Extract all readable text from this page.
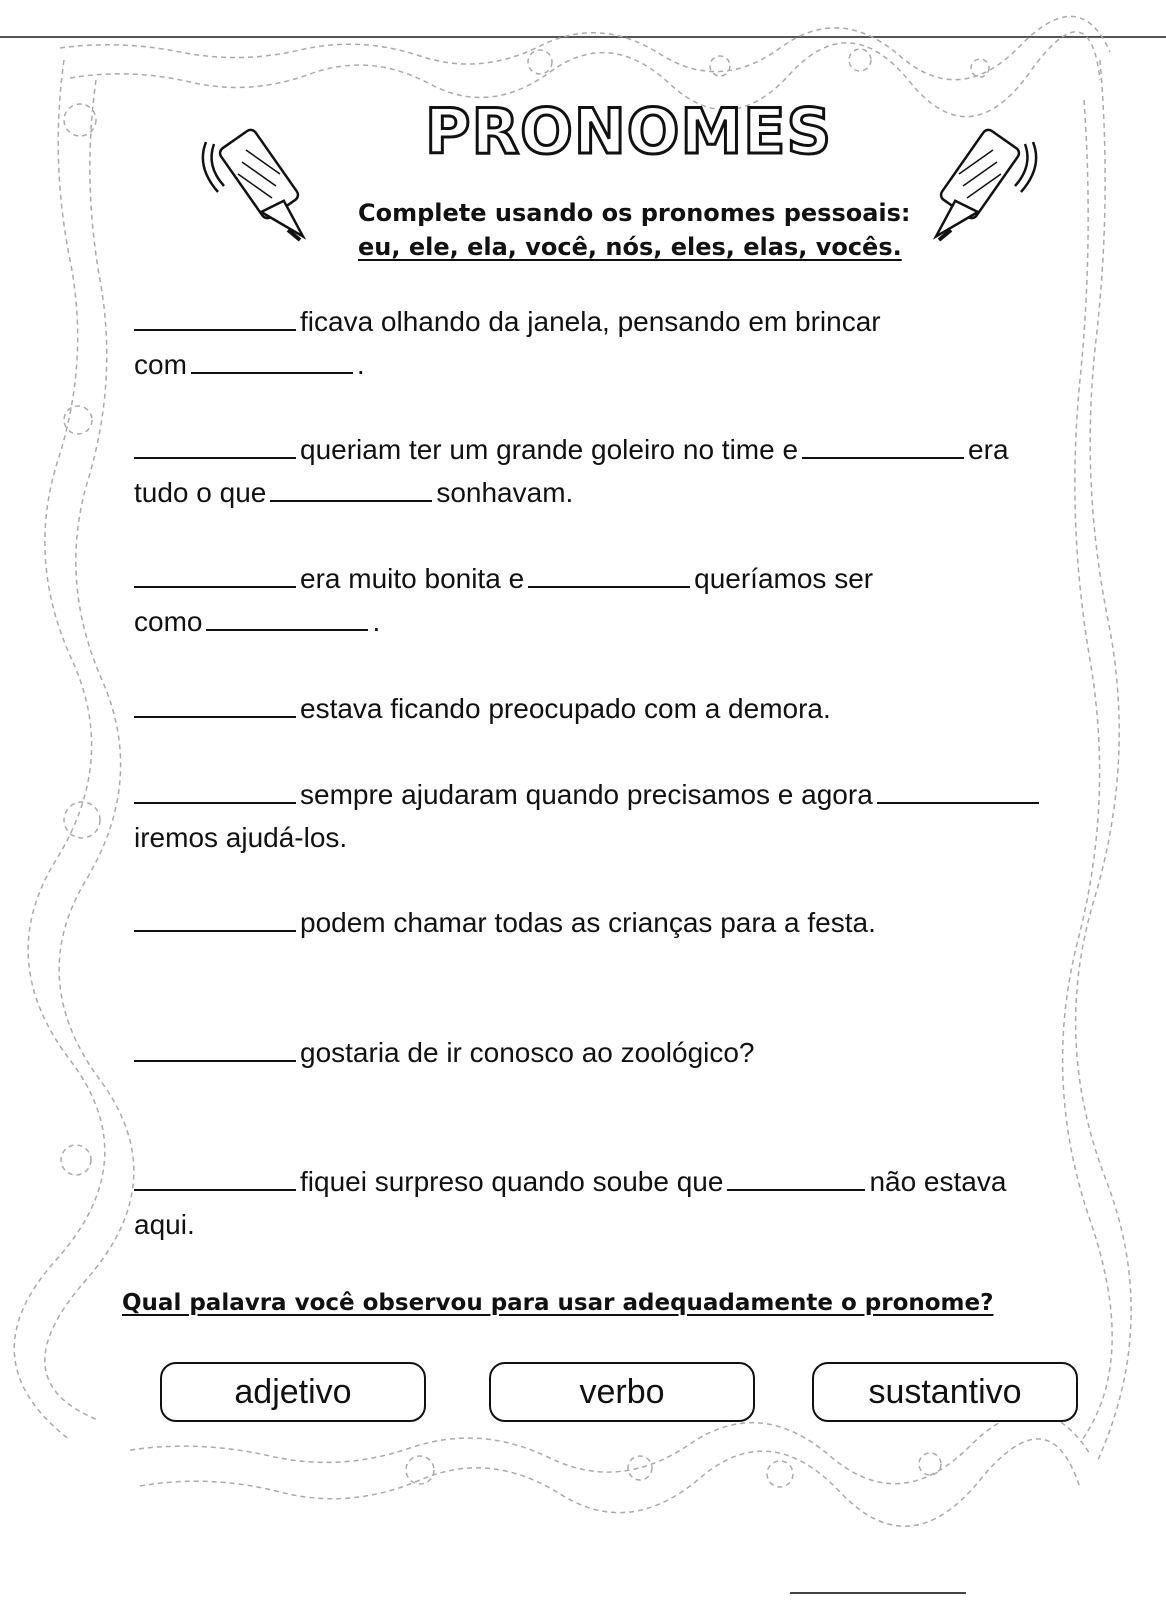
PRONOMES
Complete usando os pronomes pessoais:
eu, ele, ela, você, nós, eles, elas, vocês.
ficava olhando da janela, pensando em brincar
com	.
queriam ter um grande goleiro no time e	era
tudo o que	sonhavam.
era muito bonita e	queríamos ser
como	.
estava ficando preocupado com a demora.
sempre ajudaram quando precisamos e agora
iremos ajudá-los.
podem chamar todas as crianças para a festa.
gostaria de ir conosco ao zoológico?
fiquei surpreso quando soube que	não estava
aqui.
Qual palavra você observou para usar adequadamente o pronome?
adjetivo	verbo	sustantivo
